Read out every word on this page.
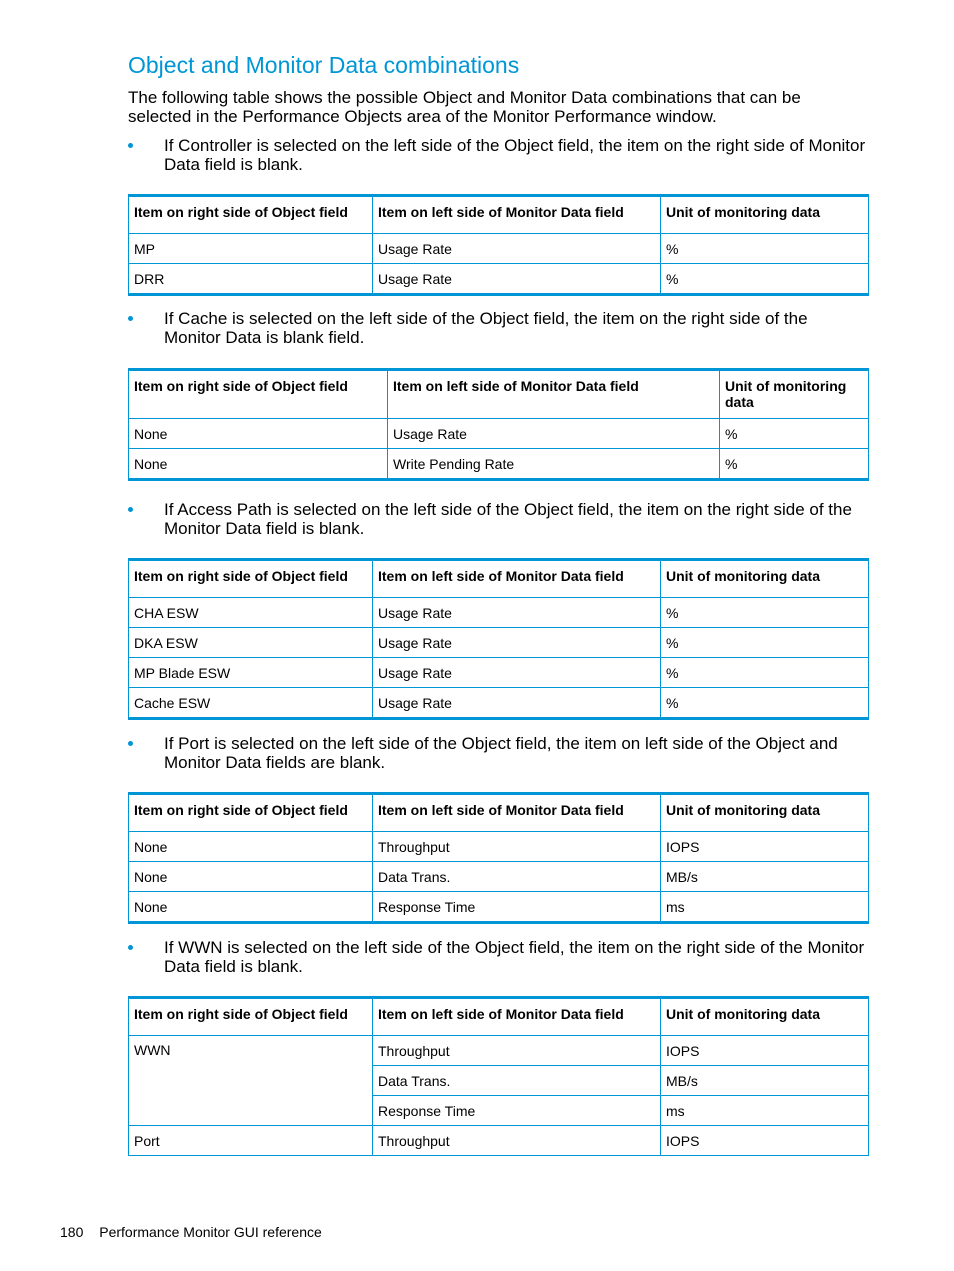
Object and Monitor Data combinations

The following table shows the possible Object and Monitor Data combinations that can be selected in the Performance Objects area of the Monitor Performance window.

If Controller is selected on the left side of the Object field, the item on the right side of Monitor Data field is blank.
Item on right side of Object field	Item on left side of Monitor Data field	Unit of monitoring data
MP	Usage Rate	%
DRR	Usage Rate	%
If Cache is selected on the left side of the Object field, the item on the right side of the Monitor Data is blank field.
Item on right side of Object field	Item on left side of Monitor Data field	Unit of monitoring data
None	Usage Rate	%
None	Write Pending Rate	%
If Access Path is selected on the left side of the Object field, the item on the right side of the Monitor Data field is blank.
Item on right side of Object field	Item on left side of Monitor Data field	Unit of monitoring data
CHA ESW	Usage Rate	%
DKA ESW	Usage Rate	%
MP Blade ESW	Usage Rate	%
Cache ESW	Usage Rate	%
If Port is selected on the left side of the Object field, the item on left side of the Object and Monitor Data fields are blank.
Item on right side of Object field	Item on left side of Monitor Data field	Unit of monitoring data
None	Throughput	IOPS
None	Data Trans.	MB/s
None	Response Time	ms
If WWN is selected on the left side of the Object field, the item on the right side of the Monitor Data field is blank.
Item on right side of Object field	Item on left side of Monitor Data field	Unit of monitoring data
WWN	Throughput	IOPS
	Data Trans.	MB/s
	Response Time	ms
Port	Throughput	IOPS
180 Performance Monitor GUI reference
